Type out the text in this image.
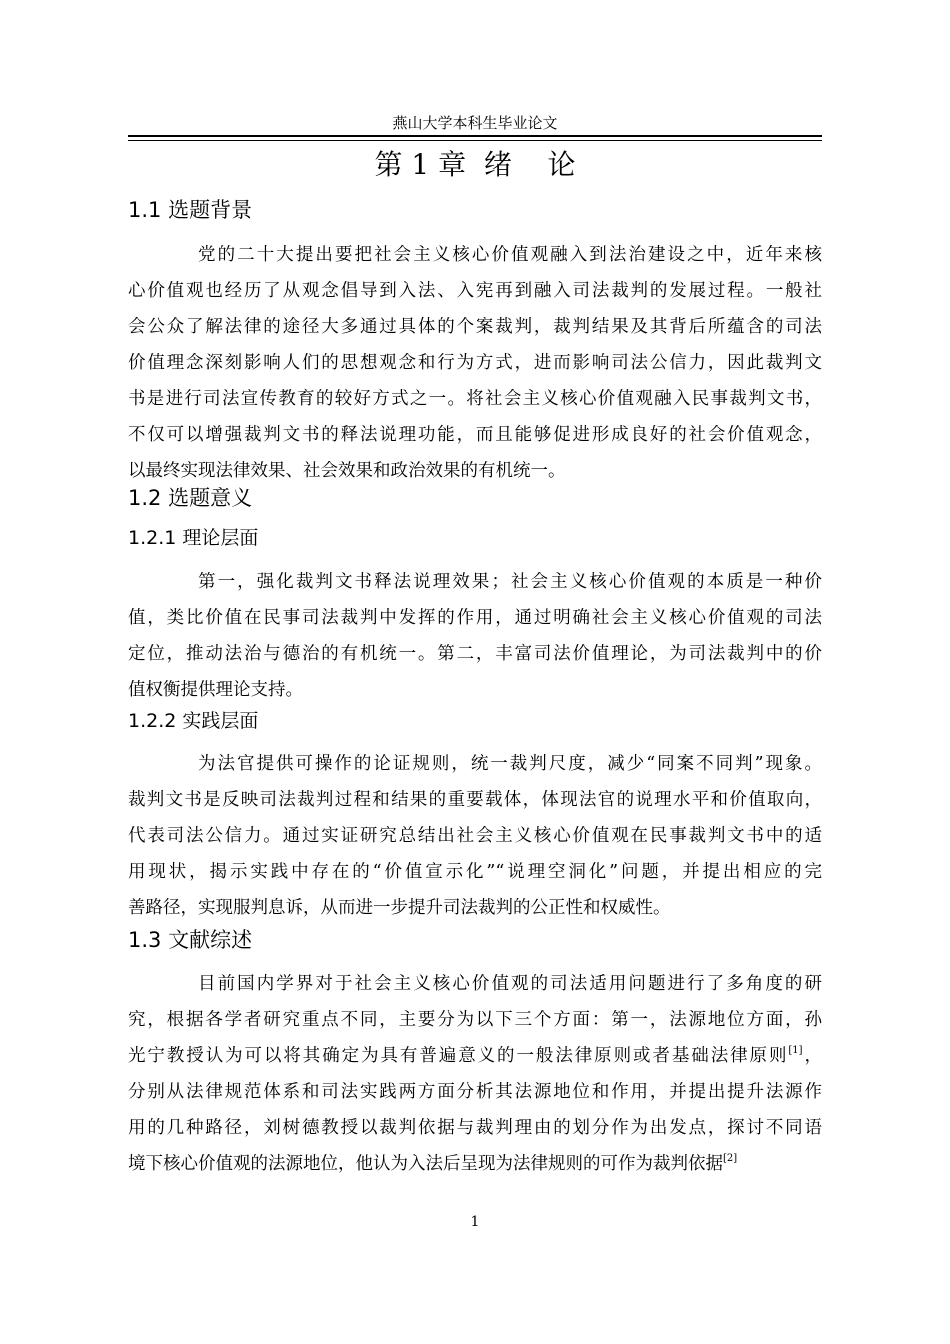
燕山大学本科生毕业论文
第 1 章  绪    论
1.1 选题背景
党的二十大提出要把社会主义核心价值观融入到法治建设之中，近年来核
心价值观也经历了从观念倡导到入法、入宪再到融入司法裁判的发展过程。一般社
会公众了解法律的途径大多通过具体的个案裁判，裁判结果及其背后所蕴含的司法
价值理念深刻影响人们的思想观念和行为方式，进而影响司法公信力，因此裁判文
书是进行司法宣传教育的较好方式之一。将社会主义核心价值观融入民事裁判文书，
不仅可以增强裁判文书的释法说理功能，而且能够促进形成良好的社会价值观念，
以最终实现法律效果、社会效果和政治效果的有机统一。
1.2 选题意义
1.2.1 理论层面
第一，强化裁判文书释法说理效果；社会主义核心价值观的本质是一种价
值，类比价值在民事司法裁判中发挥的作用，通过明确社会主义核心价值观的司法
定位，推动法治与德治的有机统一。第二，丰富司法价值理论，为司法裁判中的价
值权衡提供理论支持。
1.2.2 实践层面
为法官提供可操作的论证规则，统一裁判尺度，减少“同案不同判”现象。
裁判文书是反映司法裁判过程和结果的重要载体，体现法官的说理水平和价值取向，
代表司法公信力。通过实证研究总结出社会主义核心价值观在民事裁判文书中的适
用现状，揭示实践中存在的“价值宣示化”“说理空洞化”问题，并提出相应的完
善路径，实现服判息诉，从而进一步提升司法裁判的公正性和权威性。
1.3 文献综述
目前国内学界对于社会主义核心价值观的司法适用问题进行了多角度的研
究，根据各学者研究重点不同，主要分为以下三个方面：第一，法源地位方面，孙
光宁教授认为可以将其确定为具有普遍意义的一般法律原则或者基础法律原则[1]，
分别从法律规范体系和司法实践两方面分析其法源地位和作用，并提出提升法源作
用的几种路径，刘树德教授以裁判依据与裁判理由的划分作为出发点，探讨不同语
境下核心价值观的法源地位，他认为入法后呈现为法律规则的可作为裁判依据[2]
1
